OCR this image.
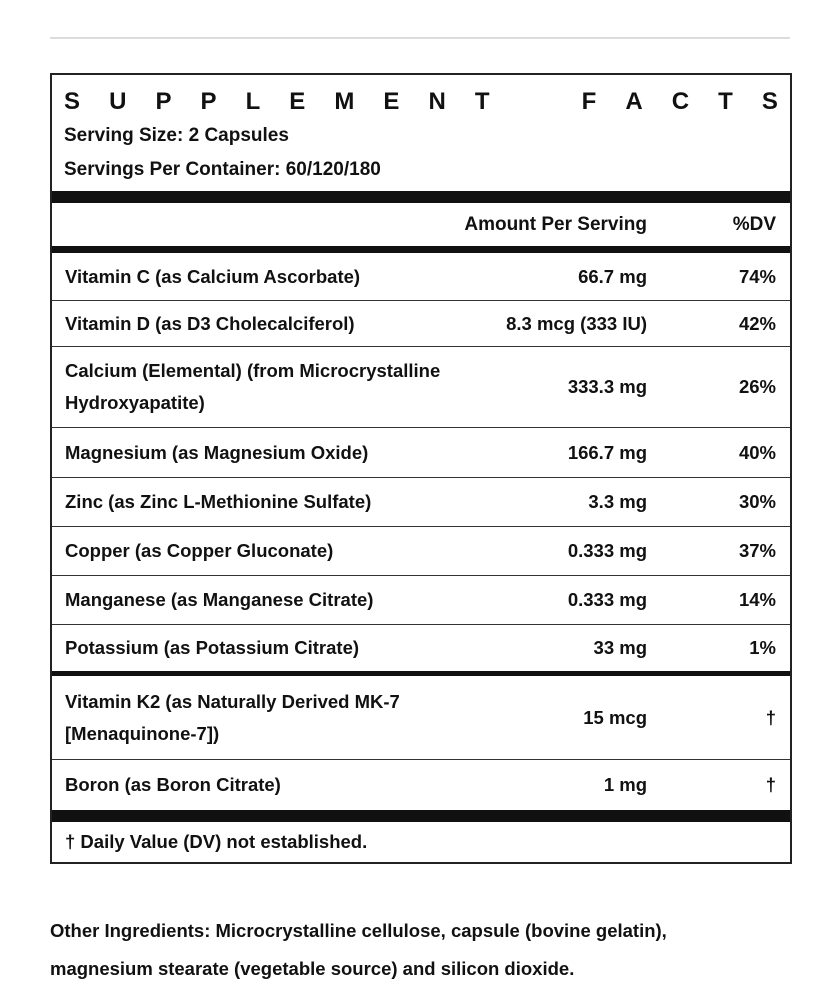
S U P P L E M E N T	F A C T S
Serving Size: 2 Capsules
Servings Per Container: 60/120/180
Amount Per Serving	%DV
Vitamin C (as Calcium Ascorbate)	66.7 mg	74%
Vitamin D (as D3 Cholecalciferol)	8.3 mcg (333 IU)	42%
Calcium (Elemental) (from Microcrystalline
Hydroxyapatite)
333.3 mg	26%
Magnesium (as Magnesium Oxide)	166.7 mg	40%
Zinc (as Zinc L-Methionine Sulfate)	3.3 mg	30%
Copper (as Copper Gluconate)	0.333 mg	37%
Manganese (as Manganese Citrate)	0.333 mg	14%
Potassium (as Potassium Citrate)	33 mg	1%
Vitamin K2 (as Naturally Derived MK-7
[Menaquinone-7])
15 mcg	†
Boron (as Boron Citrate)	1 mg	†
† Daily Value (DV) not established.
Other Ingredients: Microcrystalline cellulose, capsule (bovine gelatin),
magnesium stearate (vegetable source) and silicon dioxide.
